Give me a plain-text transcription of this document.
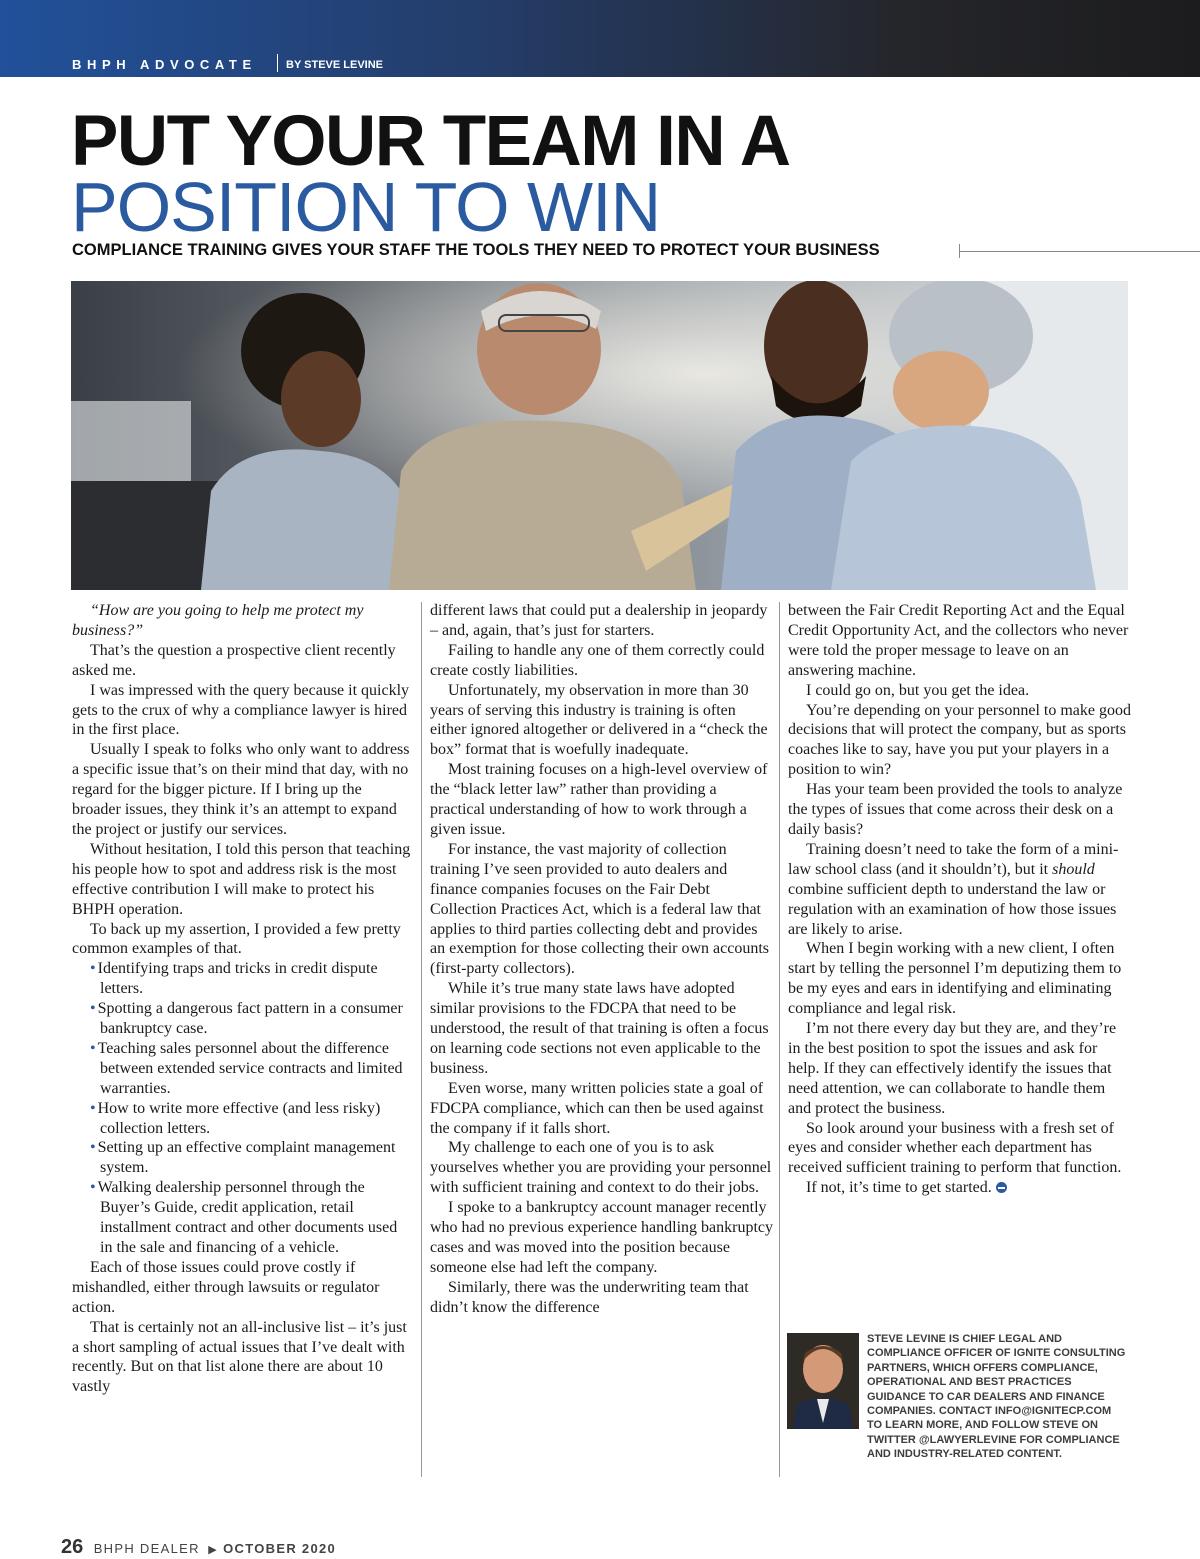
BHPH ADVOCATE	BY STEVE LEVINE
PUT YOUR TEAM IN A
POSITION TO WIN
COMPLIANCE TRAINING GIVES YOUR STAFF THE TOOLS THEY NEED TO PROTECT YOUR BUSINESS

“How are you going to help me protect my business?”

That’s the question a prospective client recently asked me.

I was impressed with the query because it quickly gets to the crux of why a compliance lawyer is hired in the first place.

Usually I speak to folks who only want to address a specific issue that’s on their mind that day, with no regard for the bigger picture. If I bring up the broader issues, they think it’s an attempt to expand the project or justify our services.

Without hesitation, I told this person that teaching his people how to spot and address risk is the most effective contribution I will make to protect his BHPH operation.

To back up my assertion, I provided a few pretty common examples of that.

• Identifying traps and tricks in credit dispute letters.
• Spotting a dangerous fact pattern in a consumer bankruptcy case.
• Teaching sales personnel about the difference between extended service contracts and limited warranties.
• How to write more effective (and less risky) collection letters.
• Setting up an effective complaint management system.
• Walking dealership personnel through the Buyer’s Guide, credit application, retail installment contract and other documents used in the sale and financing of a vehicle.

Each of those issues could prove costly if mishandled, either through lawsuits or regulator action.

That is certainly not an all-inclusive list – it’s just a short sampling of actual issues that I’ve dealt with recently. But on that list alone there are about 10 vastly

different laws that could put a dealership in jeopardy – and, again, that’s just for starters.

Failing to handle any one of them correctly could create costly liabilities.

Unfortunately, my observation in more than 30 years of serving this industry is training is often either ignored altogether or delivered in a “check the box” format that is woefully inadequate.

Most training focuses on a high-level overview of the “black letter law” rather than providing a practical understanding of how to work through a given issue.

For instance, the vast majority of collection training I’ve seen provided to auto dealers and finance companies focuses on the Fair Debt Collection Practices Act, which is a federal law that applies to third parties collecting debt and provides an exemption for those collecting their own accounts (first-party collectors).

While it’s true many state laws have adopted similar provisions to the FDCPA that need to be understood, the result of that training is often a focus on learning code sections not even applicable to the business.

Even worse, many written policies state a goal of FDCPA compliance, which can then be used against the company if it falls short.

My challenge to each one of you is to ask yourselves whether you are providing your personnel with sufficient training and context to do their jobs.

I spoke to a bankruptcy account manager recently who had no previous experience handling bankruptcy cases and was moved into the position because someone else had left the company.

Similarly, there was the underwriting team that didn’t know the difference

between the Fair Credit Reporting Act and the Equal Credit Opportunity Act, and the collectors who never were told the proper message to leave on an answering machine.

I could go on, but you get the idea.

You’re depending on your personnel to make good decisions that will protect the company, but as sports coaches like to say, have you put your players in a position to win?

Has your team been provided the tools to analyze the types of issues that come across their desk on a daily basis?

Training doesn’t need to take the form of a mini-law school class (and it shouldn’t), but it should combine sufficient depth to understand the law or regulation with an examination of how those issues are likely to arise.

When I begin working with a new client, I often start by telling the personnel I’m deputizing them to be my eyes and ears in identifying and eliminating compliance and legal risk.

I’m not there every day but they are, and they’re in the best position to spot the issues and ask for help. If they can effectively identify the issues that need attention, we can collaborate to handle them and protect the business.

So look around your business with a fresh set of eyes and consider whether each department has received sufficient training to perform that function.

If not, it’s time to get started.

STEVE LEVINE IS CHIEF LEGAL AND COMPLIANCE OFFICER OF IGNITE CONSULTING PARTNERS, WHICH OFFERS COMPLIANCE, OPERATIONAL AND BEST PRACTICES GUIDANCE TO CAR DEALERS AND FINANCE COMPANIES. CONTACT INFO@IGNITECP.COM TO LEARN MORE, AND FOLLOW STEVE ON TWITTER @LAWYERLEVINE FOR COMPLIANCE AND INDUSTRY-RELATED CONTENT.
26 BHPH DEALER ▶ OCTOBER 2020
